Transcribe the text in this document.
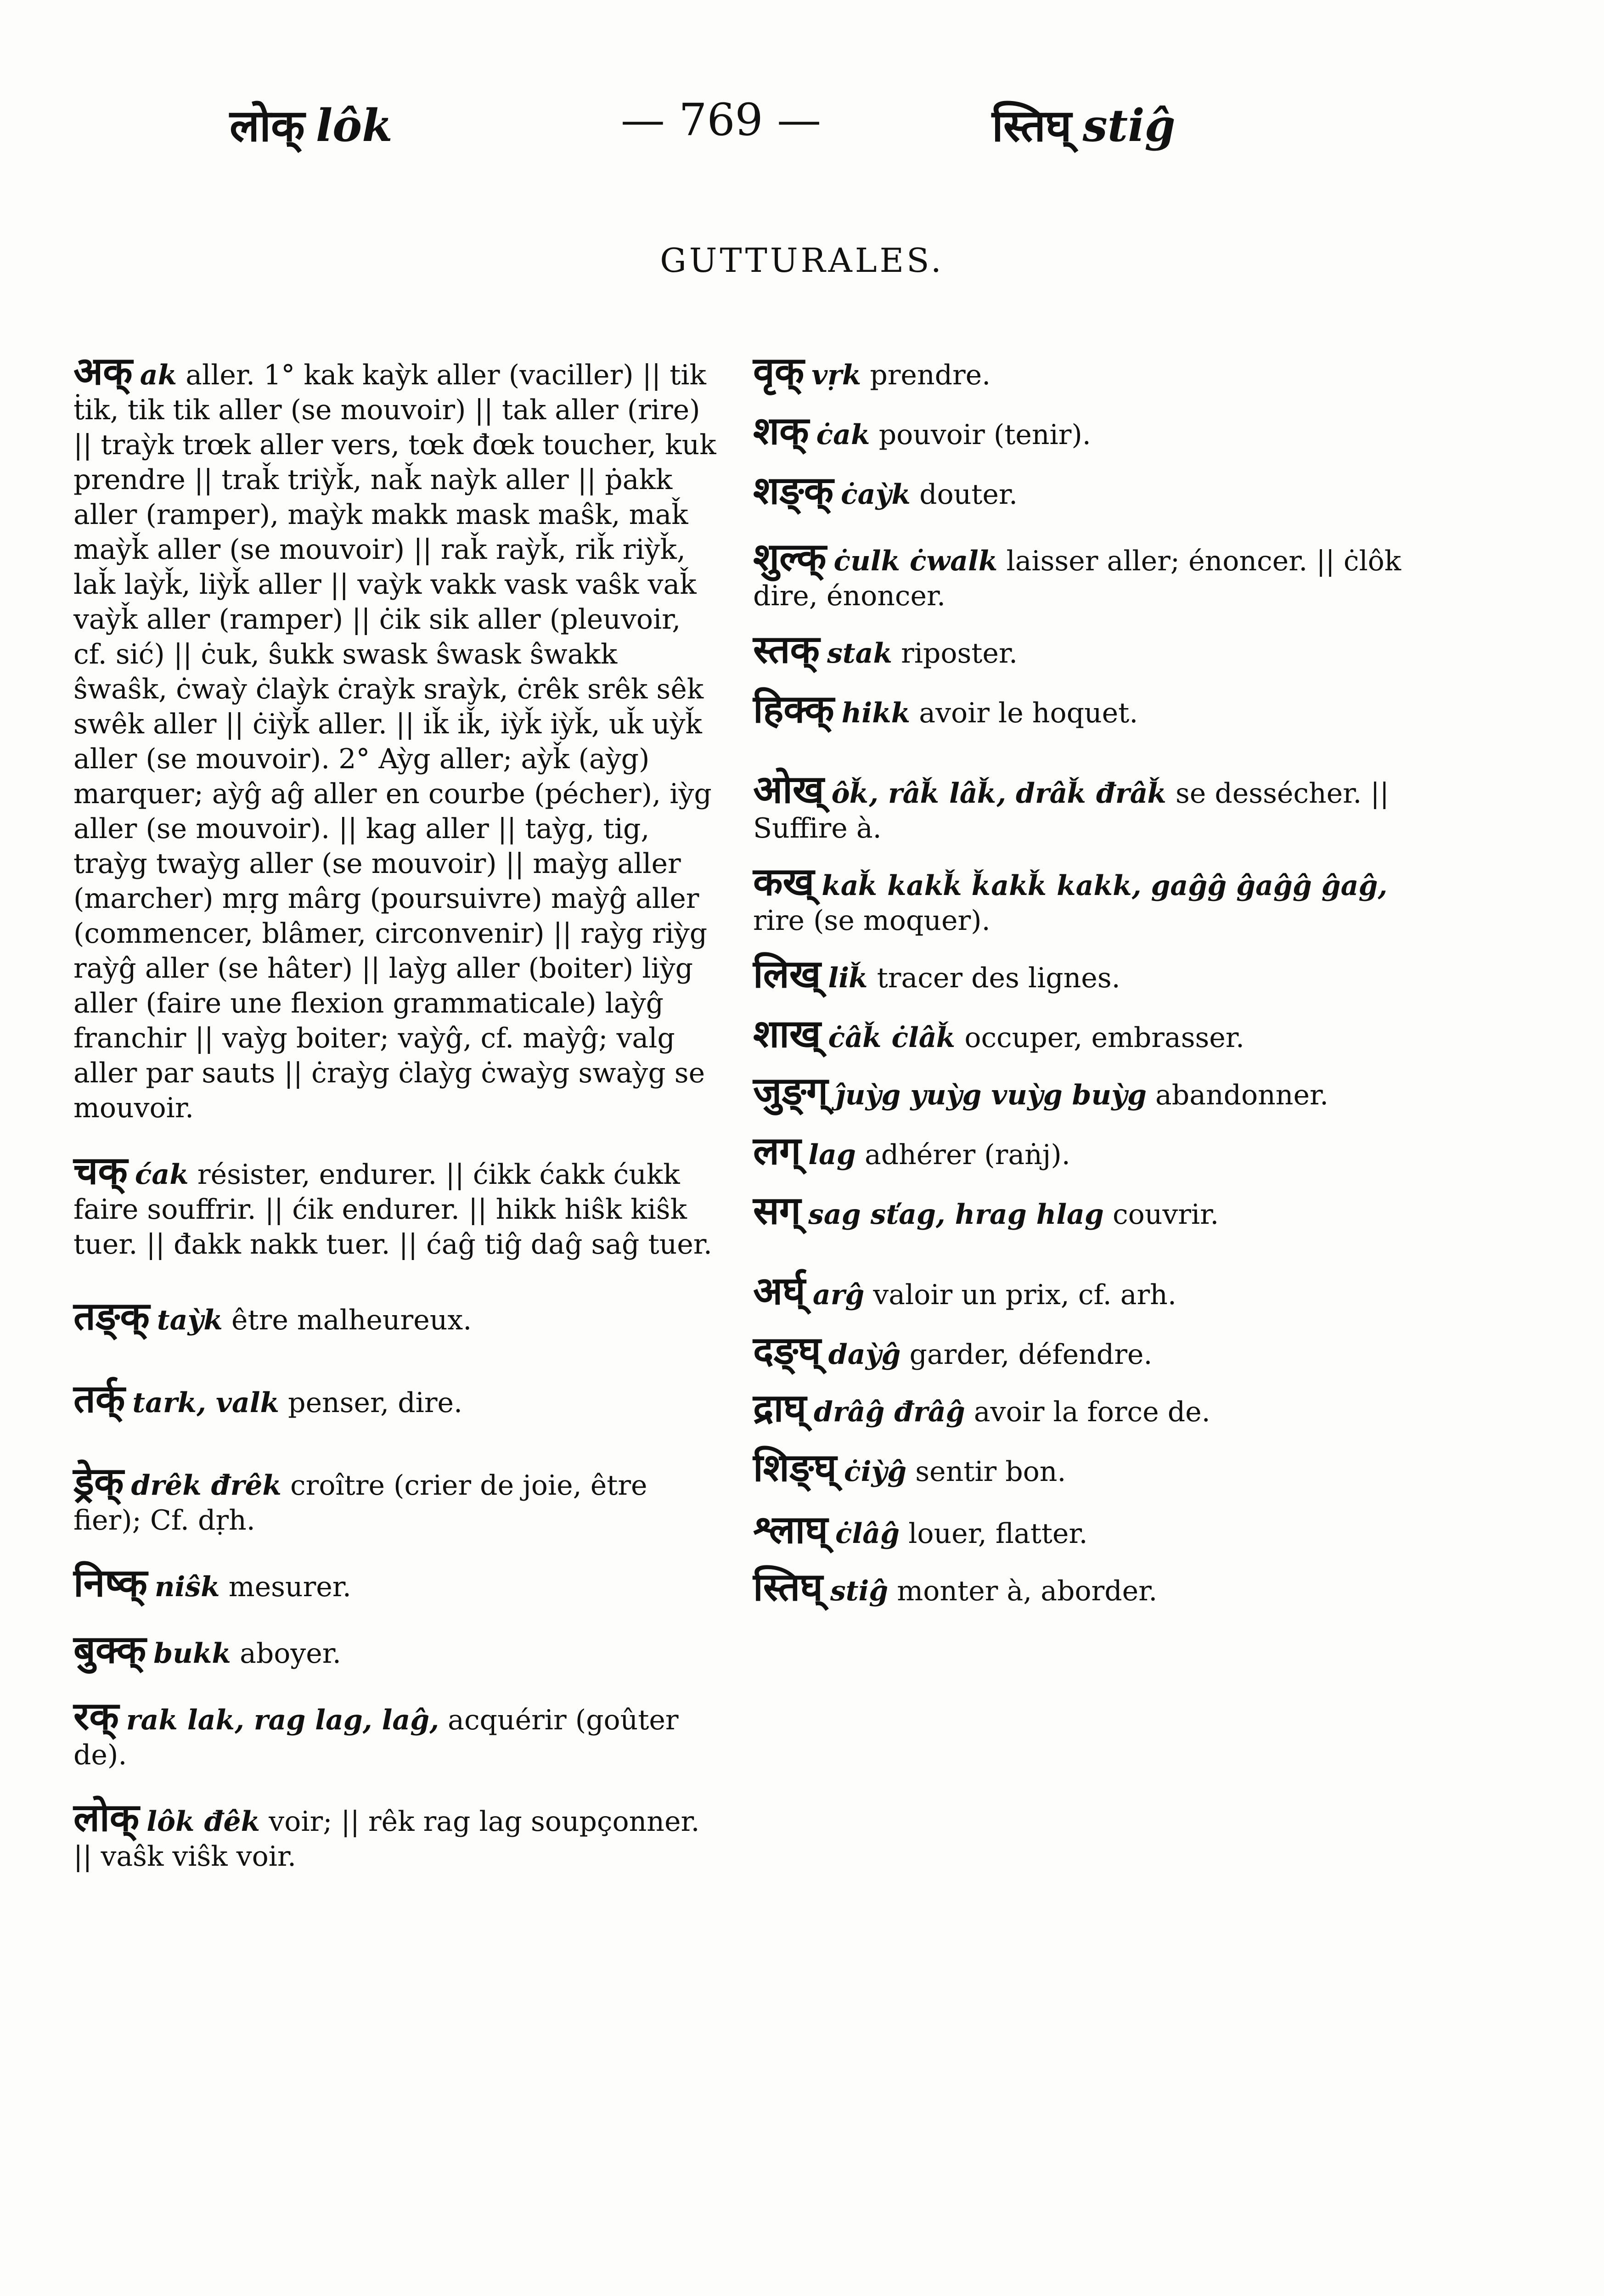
लोक् lôk	— 769 —	स्तिघ् stiĝ
GUTTURALES.

अक् ak aller. 1° kak kaỳk aller (vaciller) || tik ṫik, tik tik aller (se mouvoir) || tak aller (rire) || traỳk trœk aller vers, tœk đœk toucher, kuk prendre || traǩ triỳǩ, naǩ naỳk aller || ṗakk aller (ramper), maỳk makk mask maŝk, maǩ maỳǩ aller (se mouvoir) || raǩ raỳǩ, riǩ riỳǩ, laǩ laỳǩ, liỳǩ aller || vaỳk vakk vask vaŝk vaǩ vaỳǩ aller (ramper) || ċik sik aller (pleuvoir, cf. sić) || ċuk, ŝukk swask ŝwask ŝwakk ŝwaŝk, ċwaỳ ċlaỳk ċraỳk sraỳk, ċrêk srêk sêk swêk aller || ċiỳǩ aller. || iǩ iǩ, iỳǩ iỳǩ, uǩ uỳǩ aller (se mouvoir). 2° Aỳg aller; aỳǩ (aỳg) marquer; aỳĝ aĝ aller en courbe (pécher), iỳg aller (se mouvoir). || kag aller || taỳg, tig, traỳg twaỳg aller (se mouvoir) || maỳg aller (marcher) mṛg mârg (poursuivre) maỳĝ aller (commencer, blâmer, circonvenir) || raỳg riỳg raỳĝ aller (se hâter) || laỳg aller (boiter) liỳg aller (faire une flexion grammaticale) laỳĝ franchir || vaỳg boiter; vaỳĝ, cf. maỳĝ; valg aller par sauts || ċraỳg ċlaỳg ċwaỳg swaỳg se mouvoir.

चक् ćak résister, endurer. || ćikk ćakk ćukk faire souffrir. || ćik endurer. || hikk hiŝk kiŝk tuer. || đakk nakk tuer. || ćaĝ tiĝ daĝ saĝ tuer.

तङ्क् taỳk être malheureux.

तर्क् tark, valk penser, dire.

ड्रेक् drêk đrêk croître (crier de joie, être fier); Cf. dṛh.

निष्क् niŝk mesurer.

बुक्क् bukk aboyer.

रक् rak lak, rag lag, laĝ, acquérir (goûter de).

लोक् lôk đêk voir; || rêk rag lag soupçonner. || vaŝk viŝk voir.

वृक् vṛk prendre.

शक् ċak pouvoir (tenir).

शङ्क् ċaỳk douter.

शुल्क् ċulk ċwalk laisser aller; énoncer. || ċlôk dire, énoncer.

स्तक् stak riposter.

हिक्क् hikk avoir le hoquet.

ओख् ôǩ, râǩ lâǩ, drâǩ đrâǩ se dessécher. || Suffire à.

कख् kaǩ kakǩ ǩakǩ kakk, gaĝĝ ĝaĝĝ ĝaĝ, rire (se moquer).

लिख् liǩ tracer des lignes.

शाख् ċâǩ ċlâǩ occuper, embrasser.

जुङ्ग् ĵuỳg yuỳg vuỳg buỳg abandonner.

लग् lag adhérer (raṅj).

सग् sag sťag, hrag hlag couvrir.

अर्घ् arĝ valoir un prix, cf. arh.

दङ्घ् daỳĝ garder, défendre.

द्राघ् drâĝ đrâĝ avoir la force de.

शिङ्घ् ċiỳĝ sentir bon.

श्लाघ् ċlâĝ louer, flatter.

स्तिघ् stiĝ monter à, aborder.
